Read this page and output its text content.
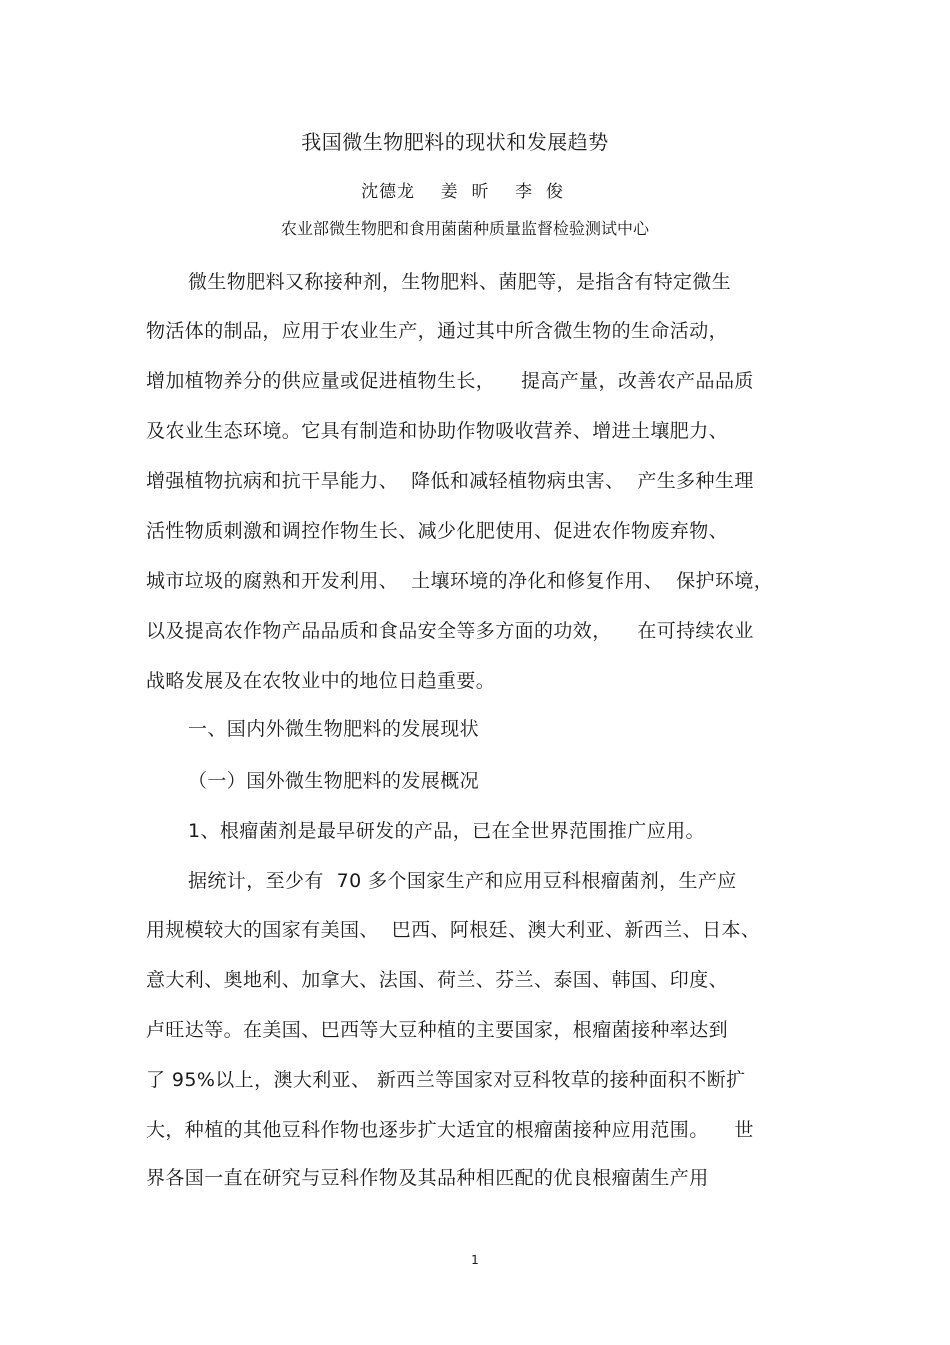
我国微生物肥料的现状和发展趋势
沈德龙    姜  昕    李  俊
农业部微生物肥和食用菌菌种质量监督检验测试中心
微生物肥料又称接种剂，生物肥料、菌肥等，是指含有特定微生
物活体的制品，应用于农业生产，通过其中所含微生物的生命活动，
增加植物养分的供应量或促进植物生长，    提高产量，改善农产品品质
及农业生态环境。它具有制造和协助作物吸收营养、增进土壤肥力、
增强植物抗病和抗干旱能力、  降低和减轻植物病虫害、  产生多种生理
活性物质刺激和调控作物生长、减少化肥使用、促进农作物废弃物、
城市垃圾的腐熟和开发利用、  土壤环境的净化和修复作用、  保护环境，
以及提高农作物产品品质和食品安全等多方面的功效，    在可持续农业
战略发展及在农牧业中的地位日趋重要。
一、国内外微生物肥料的发展现状
（一）国外微生物肥料的发展概况
1、根瘤菌剂是最早研发的产品，已在全世界范围推广应用。
据统计，至少有  70 多个国家生产和应用豆科根瘤菌剂，生产应
用规模较大的国家有美国、  巴西、阿根廷、澳大利亚、新西兰、日本、
意大利、奥地利、加拿大、法国、荷兰、芬兰、泰国、韩国、印度、
卢旺达等。在美国、巴西等大豆种植的主要国家，根瘤菌接种率达到
了 95%以上，澳大利亚、 新西兰等国家对豆科牧草的接种面积不断扩
大，种植的其他豆科作物也逐步扩大适宜的根瘤菌接种应用范围。    世
界各国一直在研究与豆科作物及其品种相匹配的优良根瘤菌生产用
1
